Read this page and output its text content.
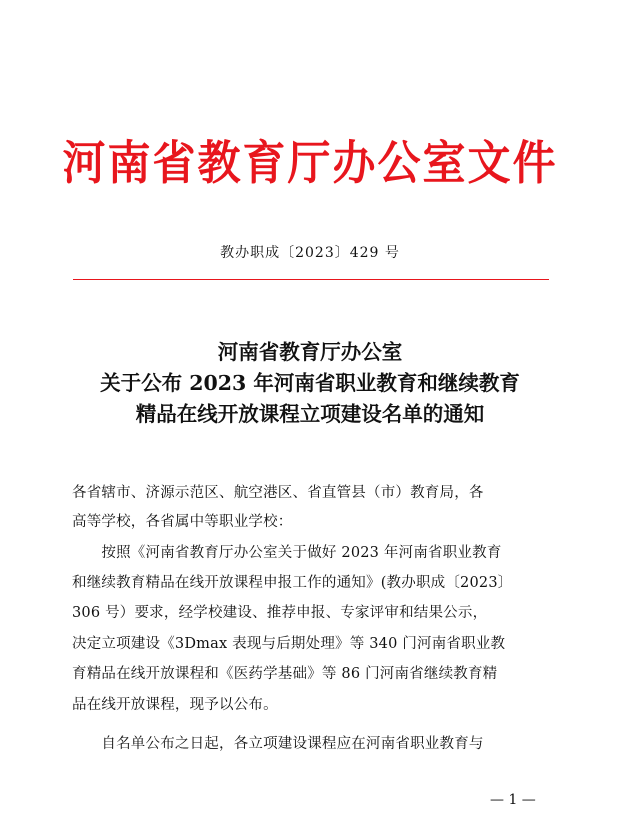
河南省教育厅办公室文件
教办职成〔2023〕429 号
河南省教育厅办公室
关于公布 2023 年河南省职业教育和继续教育
精品在线开放课程立项建设名单的通知
各省辖市、济源示范区、航空港区、省直管县（市）教育局，各
高等学校，各省属中等职业学校：
　　按照《河南省教育厅办公室关于做好 2023 年河南省职业教育
和继续教育精品在线开放课程申报工作的通知》(教办职成〔2023〕
306 号）要求，经学校建设、推荐申报、专家评审和结果公示，
决定立项建设《3Dmax 表现与后期处理》等 340 门河南省职业教
育精品在线开放课程和《医药学基础》等 86 门河南省继续教育精
品在线开放课程，现予以公布。
　　自名单公布之日起，各立项建设课程应在河南省职业教育与
— 1 —
